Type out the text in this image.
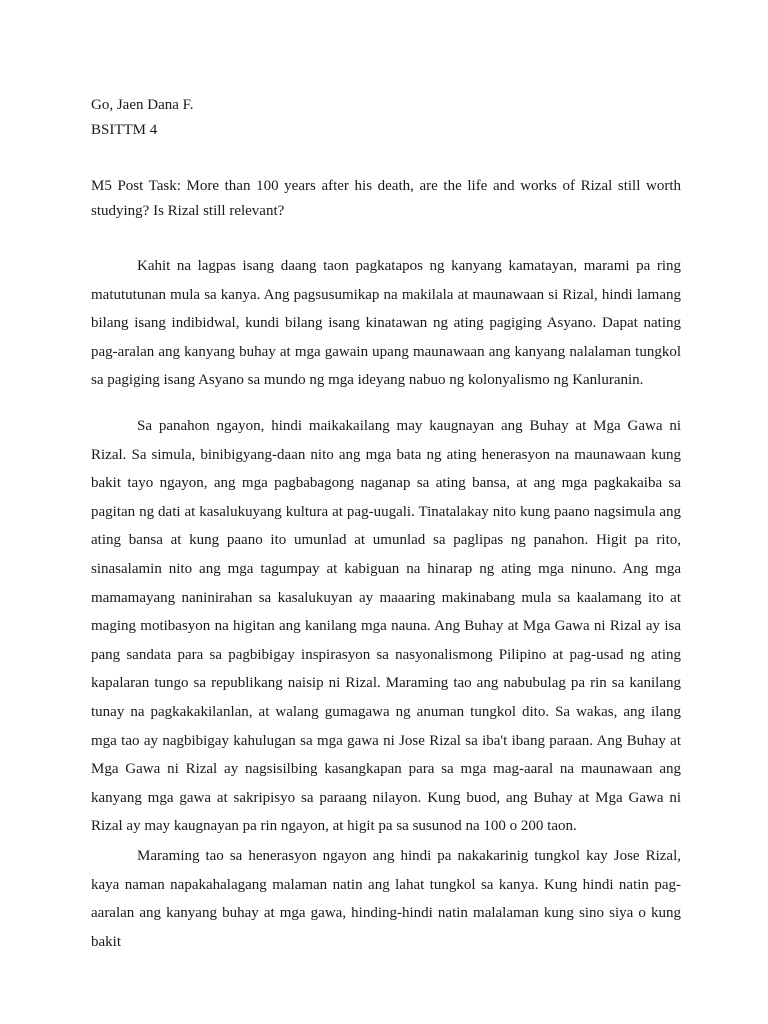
Go, Jaen Dana F.
BSITTM 4
M5 Post Task: More than 100 years after his death, are the life and works of Rizal still worth studying? Is Rizal still relevant?

Kahit na lagpas isang daang taon pagkatapos ng kanyang kamatayan, marami pa ring matututunan mula sa kanya. Ang pagsusumikap na makilala at maunawaan si Rizal, hindi lamang bilang isang indibidwal, kundi bilang isang kinatawan ng ating pagiging Asyano. Dapat nating pag-aralan ang kanyang buhay at mga gawain upang maunawaan ang kanyang nalalaman tungkol sa pagiging isang Asyano sa mundo ng mga ideyang nabuo ng kolonyalismo ng Kanluranin.

Sa panahon ngayon, hindi maikakailang may kaugnayan ang Buhay at Mga Gawa ni Rizal. Sa simula, binibigyang-daan nito ang mga bata ng ating henerasyon na maunawaan kung bakit tayo ngayon, ang mga pagbabagong naganap sa ating bansa, at ang mga pagkakaiba sa pagitan ng dati at kasalukuyang kultura at pag-uugali. Tinatalakay nito kung paano nagsimula ang ating bansa at kung paano ito umunlad at umunlad sa paglipas ng panahon. Higit pa rito, sinasalamin nito ang mga tagumpay at kabiguan na hinarap ng ating mga ninuno. Ang mga mamamayang naninirahan sa kasalukuyan ay maaaring makinabang mula sa kaalamang ito at maging motibasyon na higitan ang kanilang mga nauna. Ang Buhay at Mga Gawa ni Rizal ay isa pang sandata para sa pagbibigay inspirasyon sa nasyonalismong Pilipino at pag-usad ng ating kapalaran tungo sa republikang naisip ni Rizal. Maraming tao ang nabubulag pa rin sa kanilang tunay na pagkakakilanlan, at walang gumagawa ng anuman tungkol dito. Sa wakas, ang ilang mga tao ay nagbibigay kahulugan sa mga gawa ni Jose Rizal sa iba't ibang paraan. Ang Buhay at Mga Gawa ni Rizal ay nagsisilbing kasangkapan para sa mga mag-aaral na maunawaan ang kanyang mga gawa at sakripisyo sa paraang nilayon. Kung buod, ang Buhay at Mga Gawa ni Rizal ay may kaugnayan pa rin ngayon, at higit pa sa susunod na 100 o 200 taon.

Maraming tao sa henerasyon ngayon ang hindi pa nakakarinig tungkol kay Jose Rizal, kaya naman napakahalagang malaman natin ang lahat tungkol sa kanya. Kung hindi natin pag-aaralan ang kanyang buhay at mga gawa, hinding-hindi natin malalaman kung sino siya o kung bakit
